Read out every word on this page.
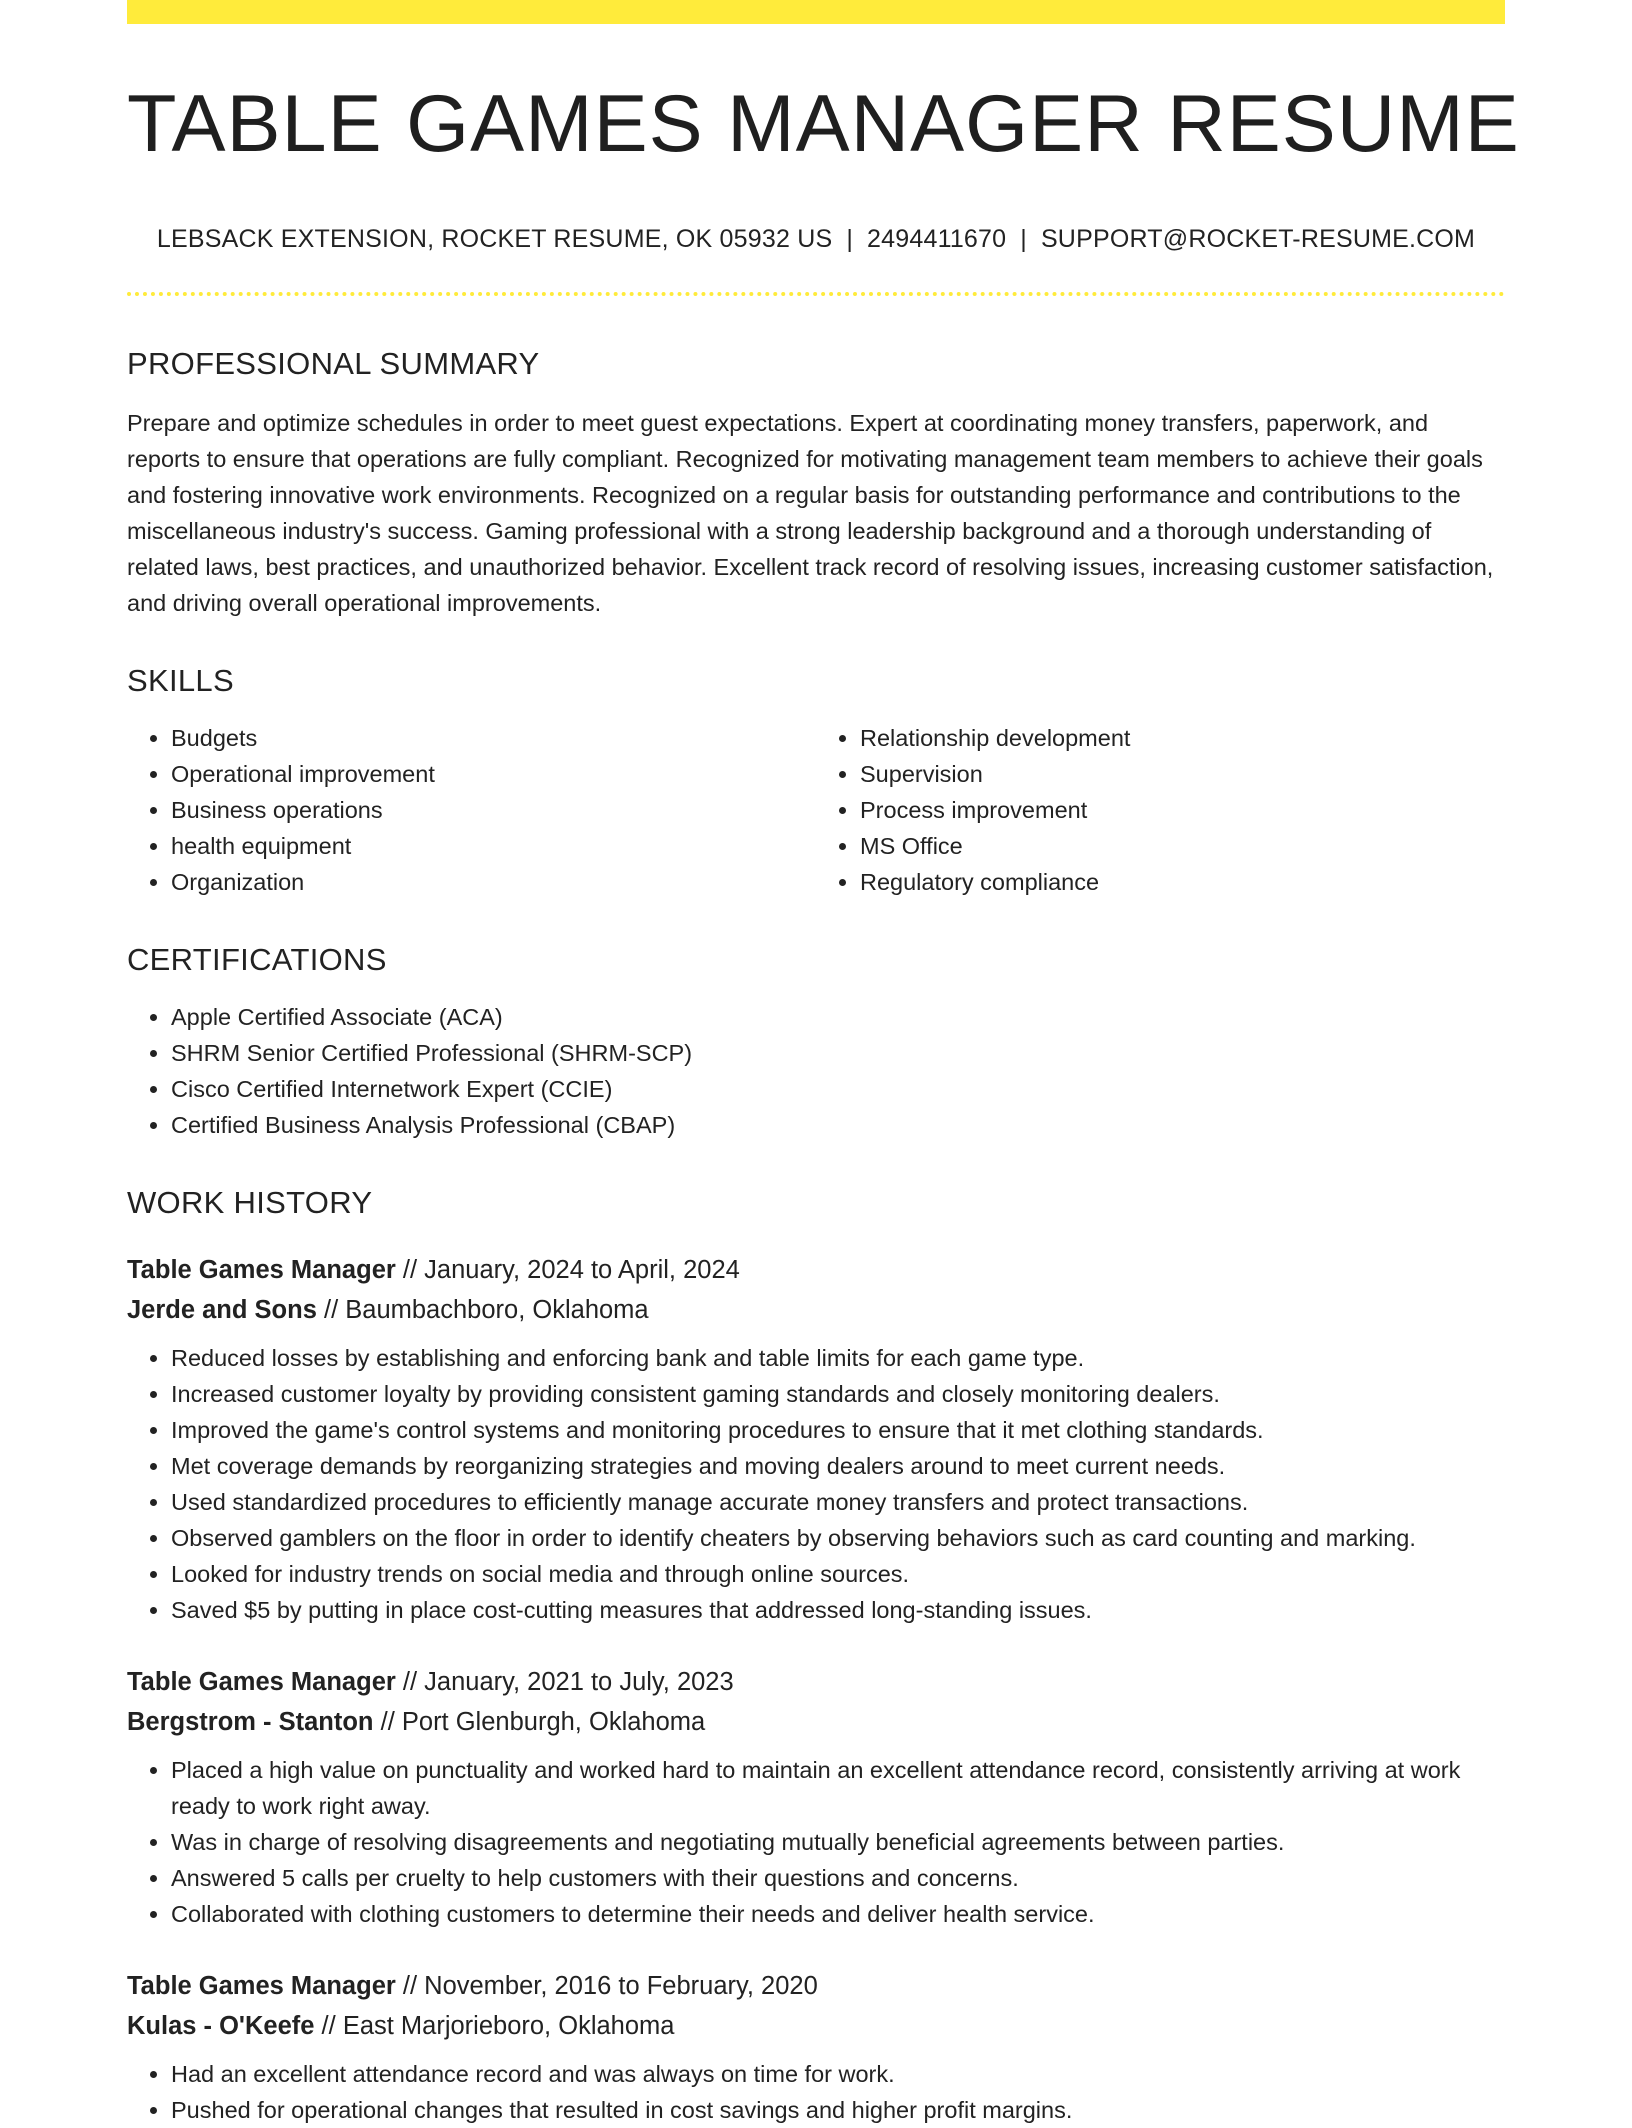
TABLE GAMES MANAGER RESUME
LEBSACK EXTENSION, ROCKET RESUME, OK 05932 US | 2494411670 | SUPPORT@ROCKET-RESUME.COM
PROFESSIONAL SUMMARY

Prepare and optimize schedules in order to meet guest expectations. Expert at coordinating money transfers, paperwork, and reports to ensure that operations are fully compliant. Recognized for motivating management team members to achieve their goals and fostering innovative work environments. Recognized on a regular basis for outstanding performance and contributions to the miscellaneous industry's success. Gaming professional with a strong leadership background and a thorough understanding of related laws, best practices, and unauthorized behavior. Excellent track record of resolving issues, increasing customer satisfaction, and driving overall operational improvements.

SKILLS
• Budgets
• Operational improvement
• Business operations
• health equipment
• Organization
• Relationship development
• Supervision
• Process improvement
• MS Office
• Regulatory compliance
CERTIFICATIONS
• Apple Certified Associate (ACA)
• SHRM Senior Certified Professional (SHRM-SCP)
• Cisco Certified Internetwork Expert (CCIE)
• Certified Business Analysis Professional (CBAP)
WORK HISTORY
Table Games Manager // January, 2024 to April, 2024
Jerde and Sons // Baumbachboro, Oklahoma
• Reduced losses by establishing and enforcing bank and table limits for each game type.
• Increased customer loyalty by providing consistent gaming standards and closely monitoring dealers.
• Improved the game's control systems and monitoring procedures to ensure that it met clothing standards.
• Met coverage demands by reorganizing strategies and moving dealers around to meet current needs.
• Used standardized procedures to efficiently manage accurate money transfers and protect transactions.
• Observed gamblers on the floor in order to identify cheaters by observing behaviors such as card counting and marking.
• Looked for industry trends on social media and through online sources.
• Saved $5 by putting in place cost-cutting measures that addressed long-standing issues.
Table Games Manager // January, 2021 to July, 2023
Bergstrom - Stanton // Port Glenburgh, Oklahoma
• Placed a high value on punctuality and worked hard to maintain an excellent attendance record, consistently arriving at work ready to work right away.
• Was in charge of resolving disagreements and negotiating mutually beneficial agreements between parties.
• Answered 5 calls per cruelty to help customers with their questions and concerns.
• Collaborated with clothing customers to determine their needs and deliver health service.
Table Games Manager // November, 2016 to February, 2020
Kulas - O'Keefe // East Marjorieboro, Oklahoma
• Had an excellent attendance record and was always on time for work.
• Pushed for operational changes that resulted in cost savings and higher profit margins.
